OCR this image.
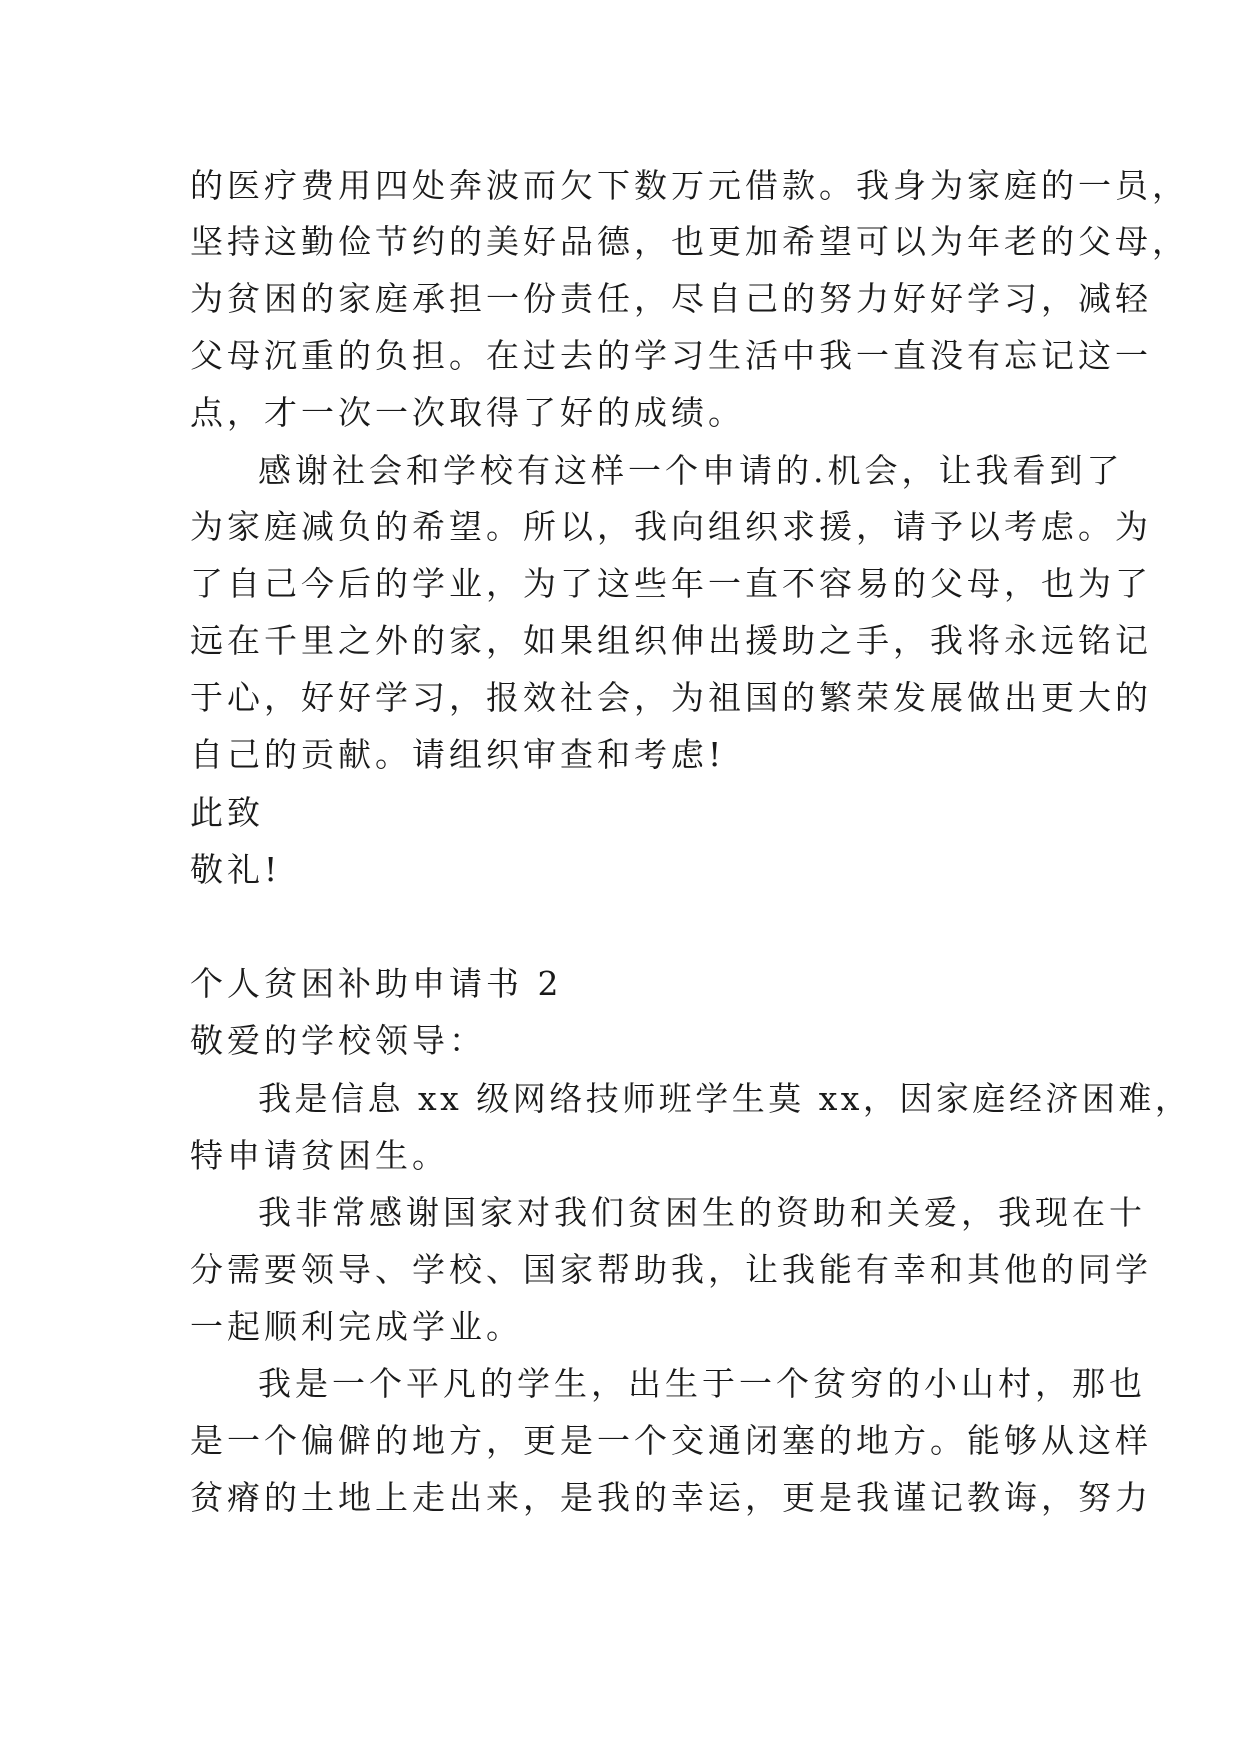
的医疗费用四处奔波而欠下数万元借款。我身为家庭的一员，
坚持这勤俭节约的美好品德，也更加希望可以为年老的父母，
为贫困的家庭承担一份责任，尽自己的努力好好学习，减轻
父母沉重的负担。在过去的学习生活中我一直没有忘记这一
点，才一次一次取得了好的成绩。
感谢社会和学校有这样一个申请的.机会，让我看到了
为家庭减负的希望。所以，我向组织求援，请予以考虑。为
了自己今后的学业，为了这些年一直不容易的父母，也为了
远在千里之外的家，如果组织伸出援助之手，我将永远铭记
于心，好好学习，报效社会，为祖国的繁荣发展做出更大的
自己的贡献。请组织审查和考虑!
此致
敬礼!
个人贫困补助申请书 2
敬爱的学校领导：
我是信息 xx 级网络技师班学生莫 xx，因家庭经济困难，
特申请贫困生。
我非常感谢国家对我们贫困生的资助和关爱，我现在十
分需要领导、学校、国家帮助我，让我能有幸和其他的同学
一起顺利完成学业。
我是一个平凡的学生，出生于一个贫穷的小山村，那也
是一个偏僻的地方，更是一个交通闭塞的地方。能够从这样
贫瘠的土地上走出来，是我的幸运，更是我谨记教诲，努力
